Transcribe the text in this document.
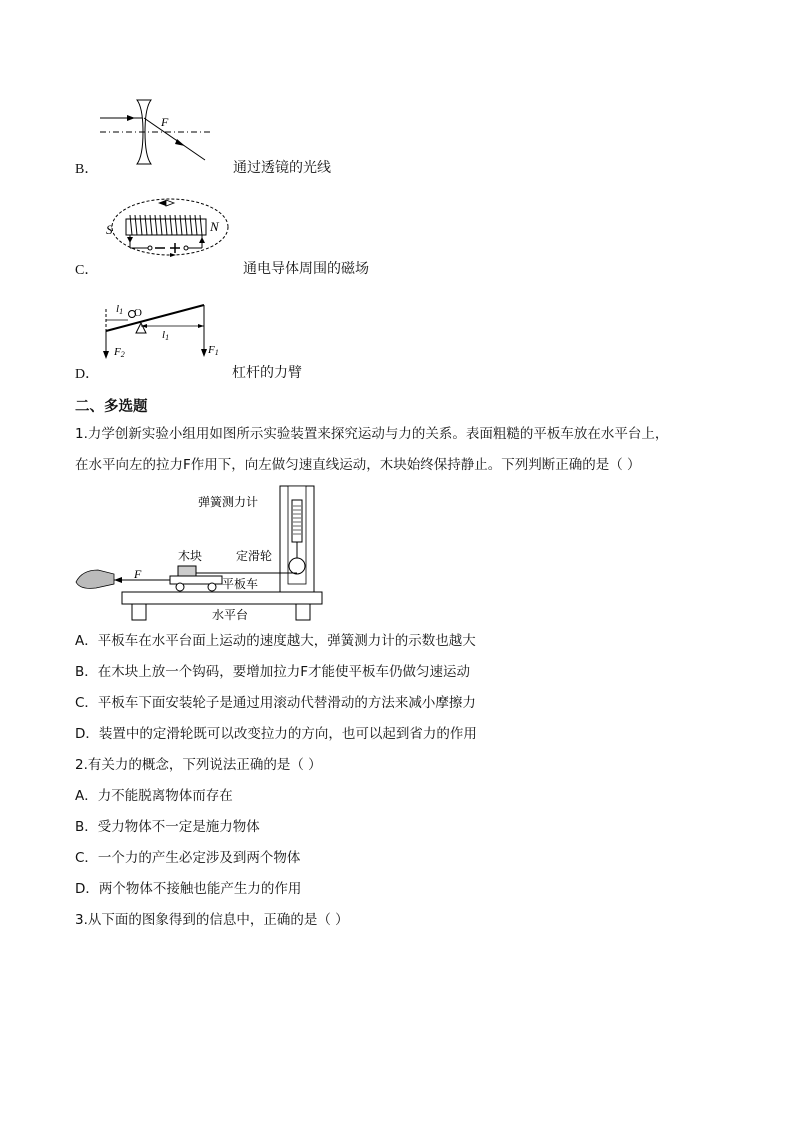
B．
F
通过透镜的光线
C．
S	N
通电导体周围的磁场
D．
l1 O
l1
F1
F2
杠杆的力臂
二、多选题
1.力学创新实验小组用如图所示实验装置来探究运动与力的关系。表面粗糙的平板车放在水平台上，
在水平向左的拉力F作用下，向左做匀速直线运动，木块始终保持静止。下列判断正确的是（ ）
弹簧测力计
木块	定滑轮
平板车
水平台
F
A．平板车在水平台面上运动的速度越大，弹簧测力计的示数也越大
B．在木块上放一个钩码，要增加拉力F才能使平板车仍做匀速运动
C．平板车下面安装轮子是通过用滚动代替滑动的方法来减小摩擦力
D．装置中的定滑轮既可以改变拉力的方向，也可以起到省力的作用
2.有关力的概念，下列说法正确的是（ ）
A．力不能脱离物体而存在
B．受力物体不一定是施力物体
C．一个力的产生必定涉及到两个物体
D．两个物体不接触也能产生力的作用
3.从下面的图象得到的信息中，正确的是（ ）
